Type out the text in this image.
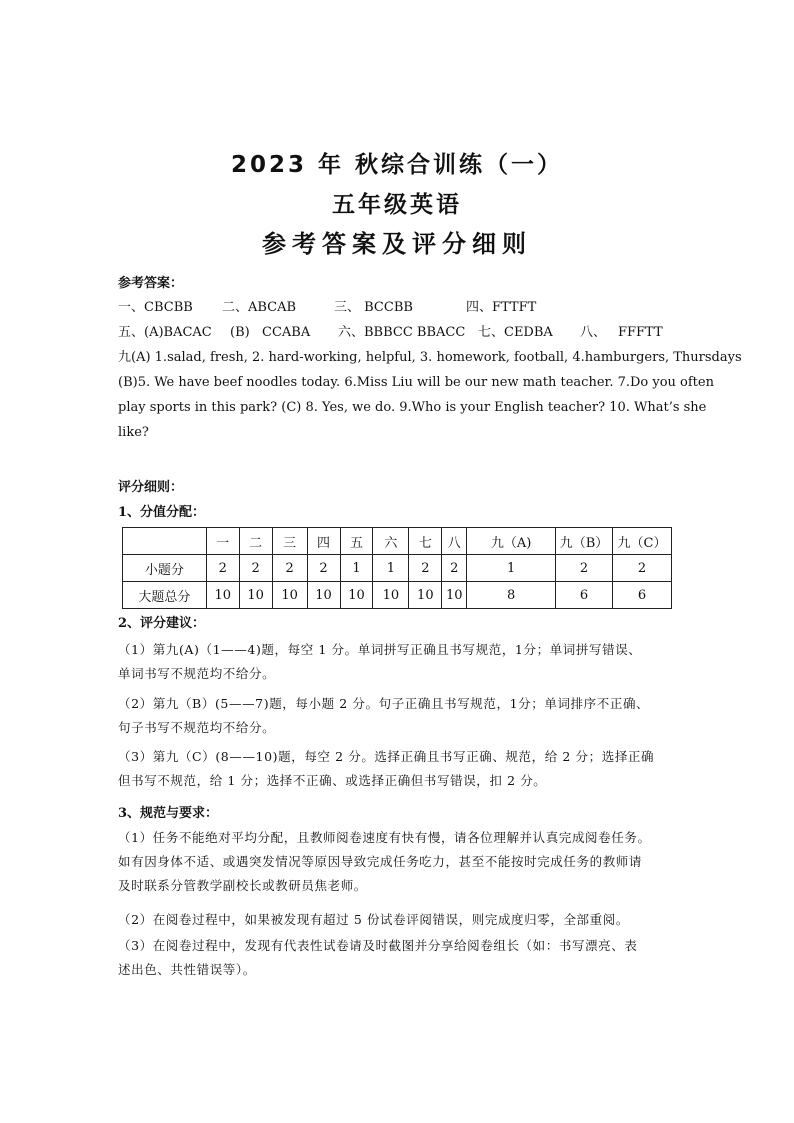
2023 年 秋综合训练（一）
五年级英语
参考答案及评分细则
参考答案：
一、CBCBB 二、ABCAB	三、 BCCBB	四、FTTFT
五、(A)BACAC (B) CCABA 六、BBBCC BBACC 七、CEDBA 八、 FFFTT
九(A) 1.salad, fresh, 2. hard-working, helpful, 3. homework, football, 4.hamburgers, Thursdays
(B)5. We have beef noodles today. 6.Miss Liu will be our new math teacher. 7.Do you often
play sports in this park? (C) 8. Yes, we do. 9.Who is your English teacher? 10. What’s she
like?
评分细则：
1、分值分配：
	一	二	三	四	五	六	七	八	九（A)	九（B）	九（C）
小题分	2	2	2	2	1	1	2	2	1	2	2
大题总分	10	10	10	10	10	10	10	10	8	6	6
2、评分建议：
（1）第九(A)（1——4)题，每空 1 分。单词拼写正确且书写规范，1分；单词拼写错误、
单词书写不规范均不给分。
（2）第九（B）(5——7)题，每小题 2 分。句子正确且书写规范，1分；单词排序不正确、
句子书写不规范均不给分。
（3）第九（C）(8——10)题，每空 2 分。选择正确且书写正确、规范，给 2 分；选择正确
但书写不规范，给 1 分；选择不正确、或选择正确但书写错误，扣 2 分。
3、规范与要求：
（1）任务不能绝对平均分配，且教师阅卷速度有快有慢，请各位理解并认真完成阅卷任务。
如有因身体不适、或遇突发情况等原因导致完成任务吃力，甚至不能按时完成任务的教师请
及时联系分管教学副校长或教研员焦老师。
（2）在阅卷过程中，如果被发现有超过 5 份试卷评阅错误，则完成度归零，全部重阅。
（3）在阅卷过程中，发现有代表性试卷请及时截图并分享给阅卷组长（如：书写漂亮、表
述出色、共性错误等）。
